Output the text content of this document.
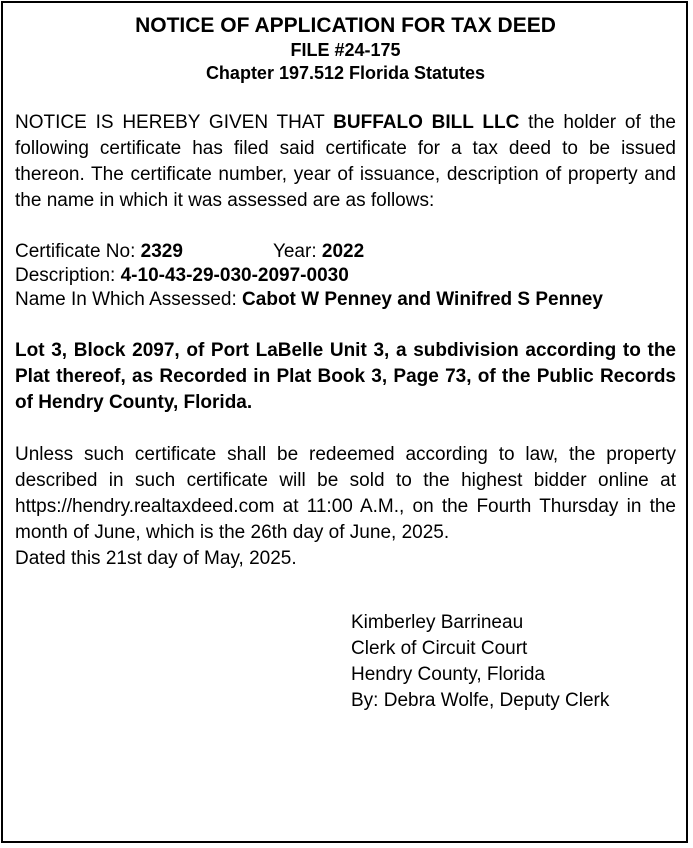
NOTICE OF APPLICATION FOR TAX DEED
FILE #24-175
Chapter 197.512 Florida Statutes

NOTICE IS HEREBY GIVEN THAT BUFFALO BILL LLC the holder of the following certificate has filed said certificate for a tax deed to be issued thereon. The certificate number, year of issuance, description of property and the name in which it was assessed are as follows:

Certificate No: 2329	Year: 2022
Description: 4-10-43-29-030-2097-0030
Name In Which Assessed: Cabot W Penney and Winifred S Penney

Lot 3, Block 2097, of Port LaBelle Unit 3, a subdivision according to the Plat thereof, as Recorded in Plat Book 3, Page 73, of the Public Records of Hendry County, Florida.

Unless such certificate shall be redeemed according to law, the property described in such certificate will be sold to the highest bidder online at https://hendry.realtaxdeed.com at 11:00 A.M., on the Fourth Thursday in the month of June, which is the 26th day of June, 2025.

Dated this 21st day of May, 2025.
Kimberley Barrineau
Clerk of Circuit Court
Hendry County, Florida
By: Debra Wolfe, Deputy Clerk
